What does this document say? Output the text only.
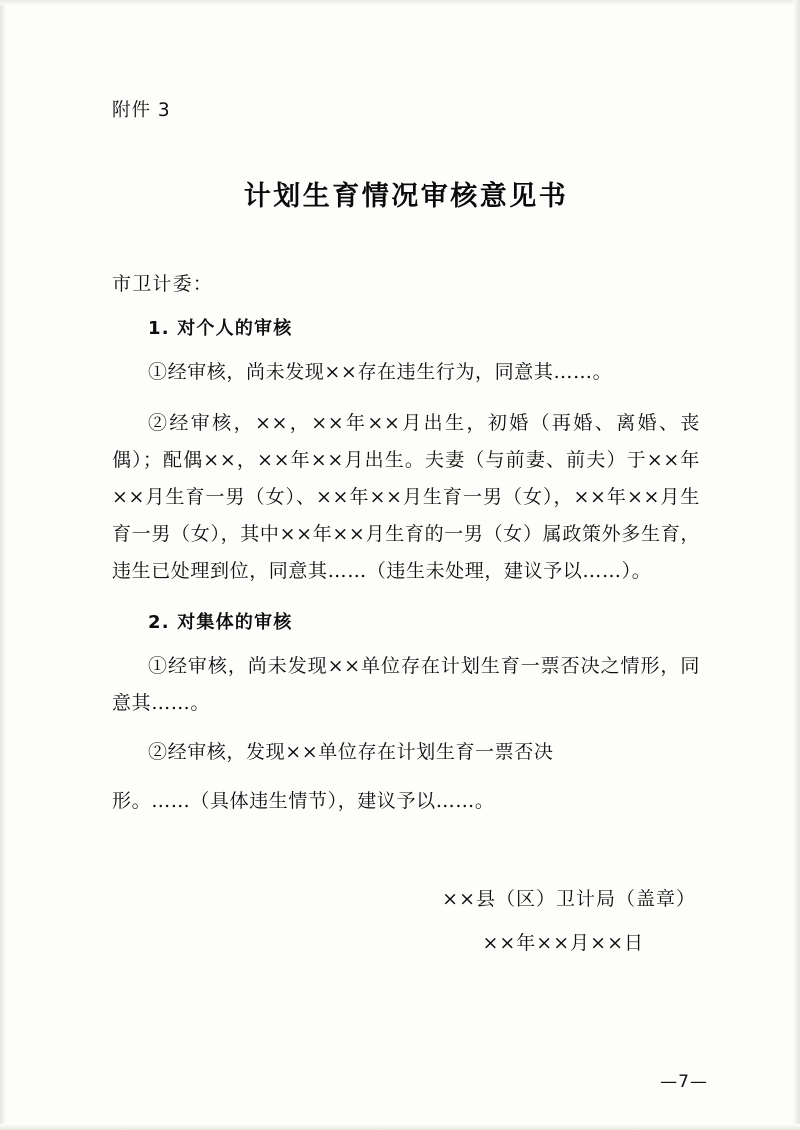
附件 3
计划生育情况审核意见书
市卫计委：
1. 对个人的审核
①经审核，尚未发现××存在违生行为，同意其……。
②经审核，××，××年××月出生，初婚（再婚、离婚、丧偶）；配偶××，××年××月出生。夫妻（与前妻、前夫）于××年××月生育一男（女）、××年××月生育一男（女），××年××月生育一男（女），其中××年××月生育的一男（女）属政策外多生育，违生已处理到位，同意其……（违生未处理，建议予以……）。
2. 对集体的审核
①经审核，尚未发现××单位存在计划生育一票否决之情形，同意其……。
②经审核，发现××单位存在计划生育一票否决
形。……（具体违生情节），建议予以……。
××县（区）卫计局（盖章）
××年××月××日
—7—
